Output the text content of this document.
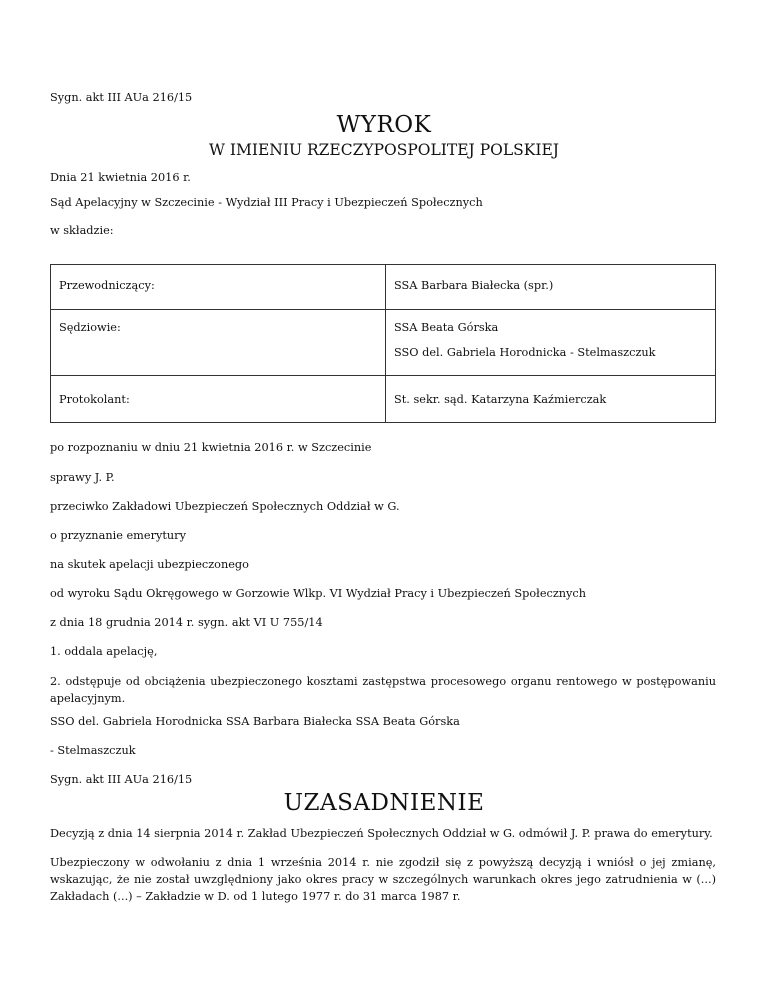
Sygn. akt III AUa 216/15
WYROK
W IMIENIU RZECZYPOSPOLITEJ POLSKIEJ
Dnia 21 kwietnia 2016 r.
Sąd Apelacyjny w Szczecinie - Wydział III Pracy i Ubezpieczeń Społecznych
w składzie:
Przewodniczący:	SSA Barbara Białecka (spr.)

Sędziowie:	SSA Beata Górska
SSO del. Gabriela Horodnicka - Stelmaszczuk

Protokolant:	St. sekr. sąd. Katarzyna Kaźmierczak
po rozpoznaniu w dniu 21 kwietnia 2016 r. w Szczecinie
sprawy J. P.
przeciwko Zakładowi Ubezpieczeń Społecznych Oddział w G.
o przyznanie emerytury
na skutek apelacji ubezpieczonego
od wyroku Sądu Okręgowego w Gorzowie Wlkp. VI Wydział Pracy i Ubezpieczeń Społecznych
z dnia 18 grudnia 2014 r. sygn. akt VI U 755/14
1. oddala apelację,
2. odstępuje od obciążenia ubezpieczonego kosztami zastępstwa procesowego organu rentowego w postępowaniu apelacyjnym.
SSO del. Gabriela Horodnicka SSA Barbara Białecka SSA Beata Górska
- Stelmaszczuk
Sygn. akt III AUa 216/15
UZASADNIENIE
Decyzją z dnia 14 sierpnia 2014 r. Zakład Ubezpieczeń Społecznych Oddział w G. odmówił J. P. prawa do emerytury.
Ubezpieczony w odwołaniu z dnia 1 września 2014 r. nie zgodził się z powyższą decyzją i wniósł o jej zmianę, wskazując, że nie został uwzględniony jako okres pracy w szczególnych warunkach okres jego zatrudnienia w (...) Zakładach (...) – Zakładzie w D. od 1 lutego 1977 r. do 31 marca 1987 r.
